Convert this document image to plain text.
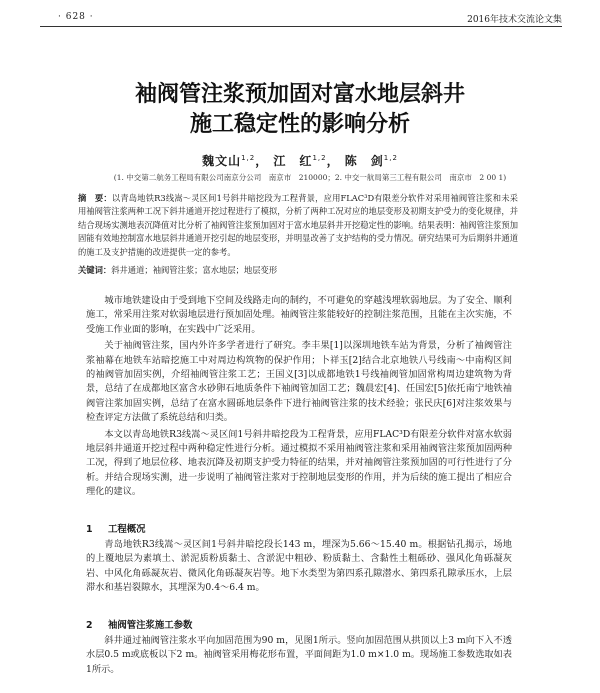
· 628 ·	2016年技术交流论文集
袖阀管注浆预加固对富水地层斜井
施工稳定性的影响分析
魏文山$^{1,2}$， 江　红$^{1,2}$， 陈　剑$^{1,2}$
(1. 中交第二航务工程局有限公司南京分公司　南京市　210000；2. 中交一航局第三工程有限公司　南京市　2 00 1)
摘　要：以青岛地铁R3线嵩～灵区间1号斜井暗挖段为工程背景，应用FLAC³D有限差分软件对采用袖阀管注浆和未采用袖阀管注浆两种工况下斜井通道开挖过程进行了模拟，分析了两种工况对应的地层变形及初期支护受力的变化规律，并结合现场实测地表沉降值对比分析了袖阀管注浆预加固对于富水地层斜井开挖稳定性的影响。结果表明：袖阀管注浆预加固能有效地控制富水地层斜井通道开挖引起的地层变形，并明显改善了支护结构的受力情况。研究结果可为后期斜井通道的施工及支护措施的改进提供一定的参考。
关键词：斜井通道；袖阀管注浆；富水地层；地层变形

城市地铁建设由于受到地下空间及线路走向的制约，不可避免的穿越浅埋软弱地层。为了安全、顺利施工，常采用注浆对软弱地层进行预加固处理。袖阀管注浆能较好的控制注浆范围，且能在主次实施，不受施工作业面的影响，在实践中广泛采用。

关于袖阀管注浆，国内外许多学者进行了研究。李丰果[1]以深圳地铁车站为背景，分析了袖阀管注浆袖幕在地铁车站暗挖施工中对周边构筑物的保护作用；卜祥玉[2]结合北京地铁八号线南～中南构区间的袖阀管加固实例，介绍袖阀管注浆工艺；王国义[3]以成都地铁1号线袖阀管加固常构周边建筑物为背景，总结了在成都地区富含水砂卵石地质条件下袖阀管加固工艺；魏晨宏[4]、任国宏[5]依托南宁地铁袖阀管注浆加固实例，总结了在富水圆砾地层条件下进行袖阀管注浆的技术经验；张民庆[6]对注浆效果与检查评定方法做了系统总结和归类。

本文以青岛地铁R3线嵩～灵区间1号斜井暗挖段为工程背景，应用FLAC³D有限差分软件对富水软弱地层斜井通道开挖过程中两种稳定性进行分析。通过模拟不采用袖阀管注浆和采用袖阀管注浆预加固两种工况，得到了地层位移、地表沉降及初期支护受力特征的结果，并对袖阀管注浆预加固的可行性进行了分析。并结合现场实测，进一步说明了袖阀管注浆对于控制地层变形的作用，并为后续的施工提出了相应合理化的建议。

1 工程概况

青岛地铁R3线嵩～灵区间1号斜井暗挖段长143 m，埋深为5.66～15.40 m。根据钻孔揭示，场地的上覆地层为素填土、淤泥质粉质黏土、含淤泥中粗砂、粉质黏土、含黏性土粗砾砂、强风化角砾凝灰岩、中风化角砾凝灰岩、微风化角砾凝灰岩等。地下水类型为第四系孔隙潜水、第四系孔隙承压水，上层滞水和基岩裂隙水，其埋深为0.4～6.4 m。

2 袖阀管注浆施工参数

斜井通过袖阀管注浆水平向加固范围为90 m，见图1所示。竖向加固范围从拱顶以上3 m向下入不透水层0.5 m或底板以下2 m。袖阀管采用梅花形布置，平面间距为1.0 m×1.0 m。现场施工参数选取如表1所示。
